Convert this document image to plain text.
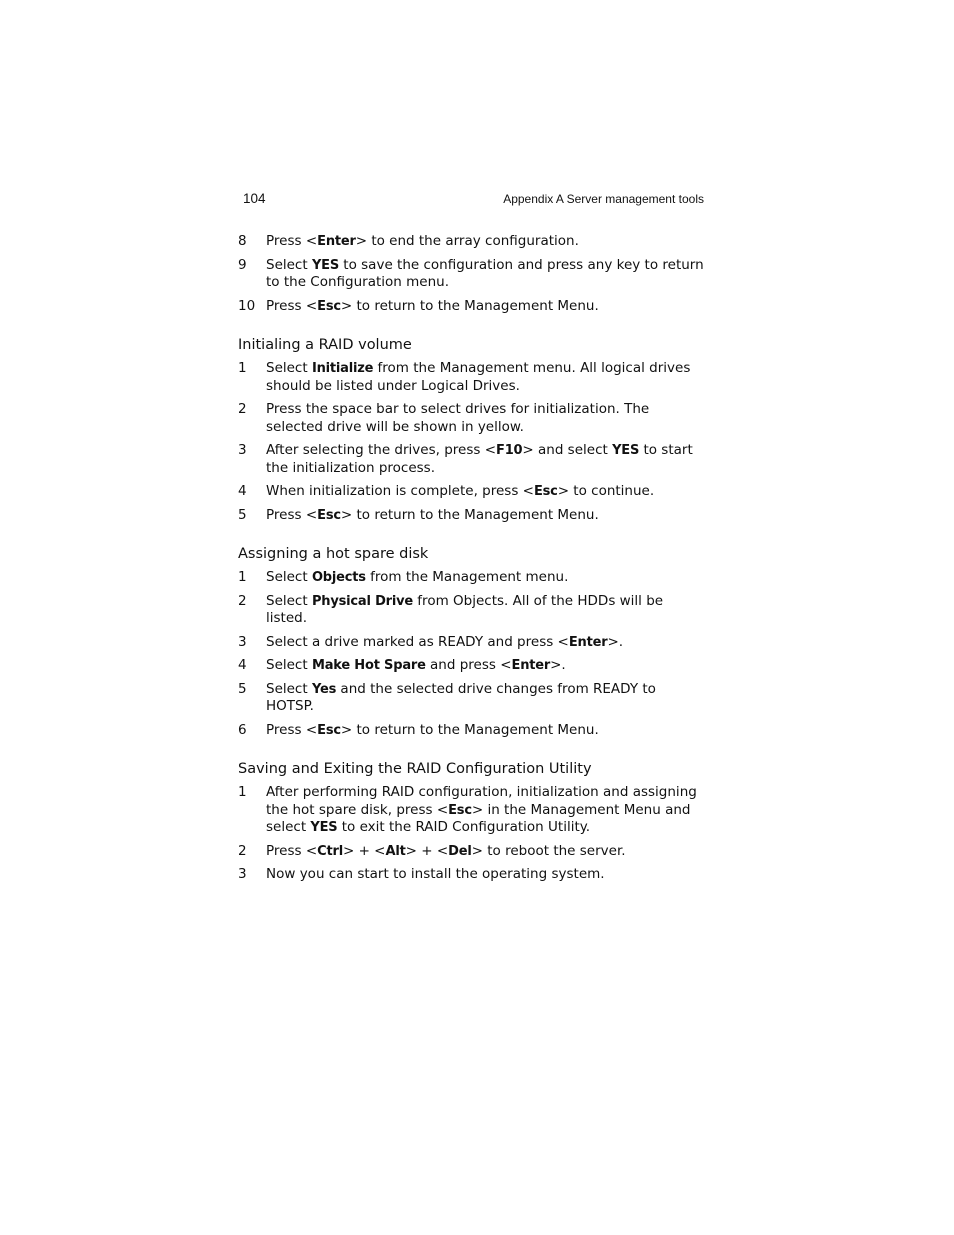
104	Appendix A Server management tools
8	Press <Enter> to end the array configuration.
9	Select YES to save the configuration and press any key to return to the Configuration menu.
10 Press <Esc> to return to the Management Menu.
Initialing a RAID volume
1	Select Initialize from the Management menu. All logical drives should be listed under Logical Drives.
2	Press the space bar to select drives for initialization. The selected drive will be shown in yellow.
3	After selecting the drives, press <F10> and select YES to start the initialization process.
4	When initialization is complete, press <Esc> to continue.
5	Press <Esc> to return to the Management Menu.
Assigning a hot spare disk
1	Select Objects from the Management menu.
2	Select Physical Drive from Objects. All of the HDDs will be listed.
3	Select a drive marked as READY and press <Enter>.
4	Select Make Hot Spare and press <Enter>.
5	Select Yes and the selected drive changes from READY to HOTSP.
6	Press <Esc> to return to the Management Menu.
Saving and Exiting the RAID Configuration Utility
1	After performing RAID configuration, initialization and assigning the hot spare disk, press <Esc> in the Management Menu and select YES to exit the RAID Configuration Utility.
2	Press <Ctrl> + <Alt> + <Del> to reboot the server.
3	Now you can start to install the operating system.
